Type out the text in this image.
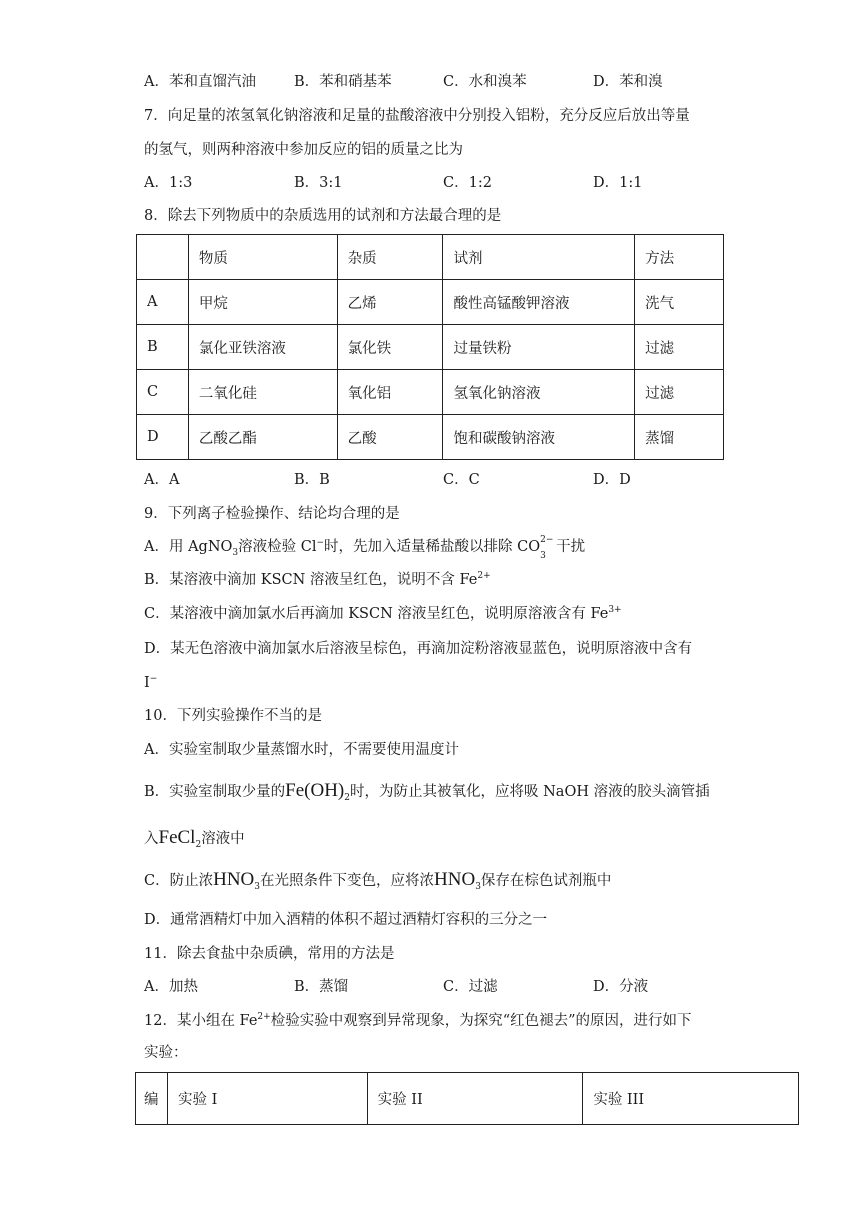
A．苯和直馏汽油	B．苯和硝基苯	C．水和溴苯	D．苯和溴
7．向足量的浓氢氧化钠溶液和足量的盐酸溶液中分别投入铝粉，充分反应后放出等量
的氢气，则两种溶液中参加反应的铝的质量之比为
A．1:3	B．3:1	C．1:2	D．1:1
8．除去下列物质中的杂质选用的试剂和方法最合理的是
	物质	杂质	试剂	方法
A	甲烷	乙烯	酸性高锰酸钾溶液	洗气
B	氯化亚铁溶液	氯化铁	过量铁粉	过滤
C	二氧化硅	氧化铝	氢氧化钠溶液	过滤
D	乙酸乙酯	乙酸	饱和碳酸钠溶液	蒸馏
A．A	B．B	C．C	D．D
9．下列离子检验操作、结论均合理的是
A．用 AgNO$_3$溶液检验 Cl−时，先加入适量稀盐酸以排除 CO 2−
3
干扰
B．某溶液中滴加 KSCN 溶液呈红色，说明不含 $Fe^{2+}$
C．某溶液中滴加氯水后再滴加 KSCN 溶液呈红色，说明原溶液含有 $Fe^{3+}$
D．某无色溶液中滴加氯水后溶液呈棕色，再滴加淀粉溶液显蓝色，说明原溶液中含有
I−
10．下列实验操作不当的是
A．实验室制取少量蒸馏水时，不需要使用温度计
B．实验室制取少量的$Fe(OH)_2$时，为防止其被氧化，应将吸 NaOH 溶液的胶头滴管插
入FeCl$_2$溶液中
C．防止浓$HNO_3$在光照条件下变色，应将浓$HNO_3$保存在棕色试剂瓶中
D．通常酒精灯中加入酒精的体积不超过酒精灯容积的三分之一
11．除去食盐中杂质碘，常用的方法是
A．加热	B．蒸馏	C．过滤	D．分液
12．某小组在 $Fe^{2+}$检验实验中观察到异常现象，为探究“红色褪去”的原因，进行如下
实验：
编	实验 I	实验 II	实验 III
